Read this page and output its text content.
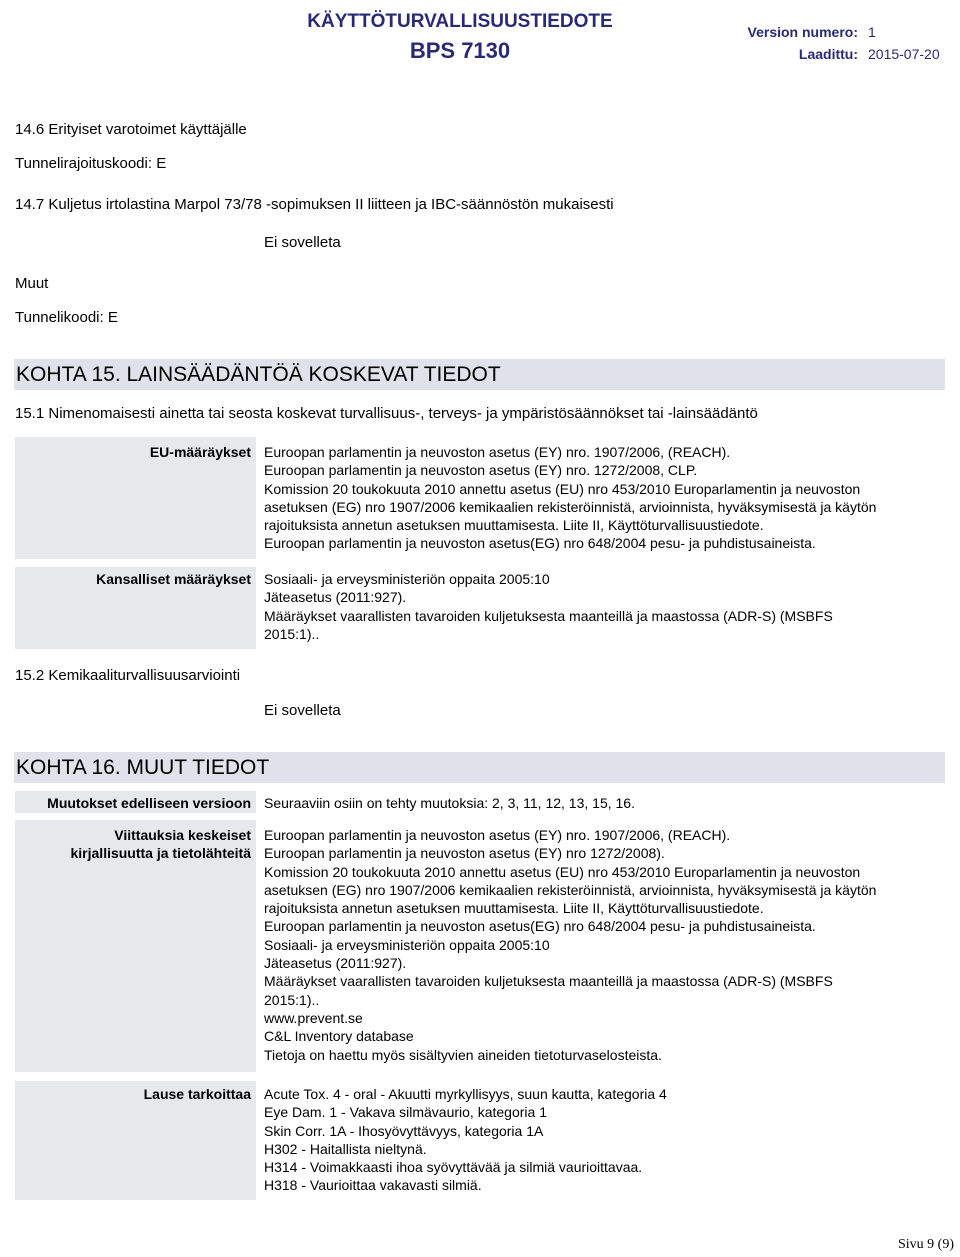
KÄYTTÖTURVALLISUUSTIEDOTE
BPS 7130
Version numero: 1
Laadittu: 2015-07-20
14.6 Erityiset varotoimet käyttäjälle
Tunnelirajoituskoodi: E
14.7 Kuljetus irtolastina Marpol 73/78 -sopimuksen II liitteen ja IBC-säännöstön mukaisesti
Ei sovelleta
Muut
Tunnelikoodi: E
KOHTA 15. LAINSÄÄDÄNTÖÄ KOSKEVAT TIEDOT
15.1 Nimenomaisesti ainetta tai seosta koskevat turvallisuus-, terveys- ja ympäristösäännökset tai -lainsäädäntö
EU-määräykset Euroopan parlamentin ja neuvoston asetus (EY) nro. 1907/2006, (REACH).
Euroopan parlamentin ja neuvoston asetus (EY) nro. 1272/2008, CLP.
Komission 20 toukokuuta 2010 annettu asetus (EU) nro 453/2010 Europarlamentin ja neuvoston
asetuksen (EG) nro 1907/2006 kemikaalien rekisteröinnistä, arvioinnista, hyväksymisestä ja käytön
rajoituksista annetun asetuksen muuttamisesta. Liite II, Käyttöturvallisuustiedote.
Euroopan parlamentin ja neuvoston asetus(EG) nro 648/2004 pesu- ja puhdistusaineista.
Kansalliset määräykset Sosiaali- ja erveysministeriön oppaita 2005:10
Jäteasetus (2011:927).
Määräykset vaarallisten tavaroiden kuljetuksesta maanteillä ja maastossa (ADR-S) (MSBFS
2015:1)..
15.2 Kemikaaliturvallisuusarviointi
Ei sovelleta
KOHTA 16. MUUT TIEDOT
Muutokset edelliseen versioon Seuraaviin osiin on tehty muutoksia: 2, 3, 11, 12, 13, 15, 16.
Viittauksia keskeiset
kirjallisuutta ja tietolähteitä
Euroopan parlamentin ja neuvoston asetus (EY) nro. 1907/2006, (REACH).
Euroopan parlamentin ja neuvoston asetus (EY) nro 1272/2008).
Komission 20 toukokuuta 2010 annettu asetus (EU) nro 453/2010 Europarlamentin ja neuvoston
asetuksen (EG) nro 1907/2006 kemikaalien rekisteröinnistä, arvioinnista, hyväksymisestä ja käytön
rajoituksista annetun asetuksen muuttamisesta. Liite II, Käyttöturvallisuustiedote.
Euroopan parlamentin ja neuvoston asetus(EG) nro 648/2004 pesu- ja puhdistusaineista.
Sosiaali- ja erveysministeriön oppaita 2005:10
Jäteasetus (2011:927).
Määräykset vaarallisten tavaroiden kuljetuksesta maanteillä ja maastossa (ADR-S) (MSBFS
2015:1)..
www.prevent.se
C&L Inventory database
Tietoja on haettu myös sisältyvien aineiden tietoturvaselosteista.
Lause tarkoittaa Acute Tox. 4 - oral - Akuutti myrkyllisyys, suun kautta, kategoria 4
Eye Dam. 1 - Vakava silmävaurio, kategoria 1
Skin Corr. 1A - Ihosyövyttävyys, kategoria 1A
H302 - Haitallista nieltynä.
H314 - Voimakkaasti ihoa syövyttävää ja silmiä vaurioittavaa.
H318 - Vaurioittaa vakavasti silmiä.
Sivu 9 (9)
